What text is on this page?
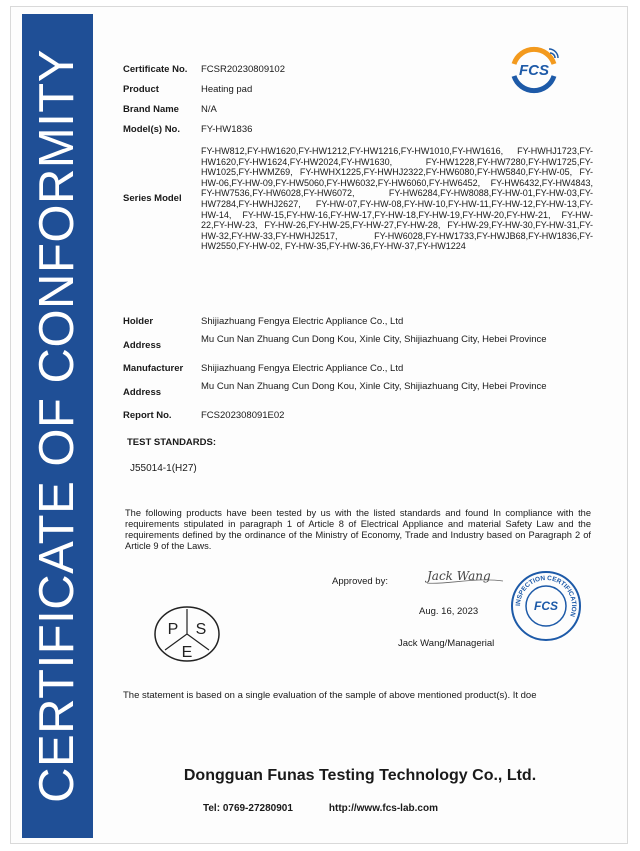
CERTIFICATE OF CONFORMITY	FCS
Certificate No.	FCSR20230809102
Product	Heating pad
Brand Name	N/A
Model(s) No.	FY-HW1836
Series Model
FY-HW812,FY-HW1620,FY-HW1212,FY-HW1216,FY-HW1010,FY-HW1616, FY-HWHJ1723,FY-HW1620,FY-HW1624,FY-HW2024,FY-HW1630, FY-HW1228,FY-HW7280,FY-HW1725,FY-HW1025,FY-HWMZ69, FY-HWHX1225,FY-HWHJ2322,FY-HW6080,FY-HW5840,FY-HW-05, FY-HW-06,FY-HW-09,FY-HW5060,FY-HW6032,FY-HW6060,FY-HW6452, FY-HW6432,FY-HW4843, FY-HW7536,FY-HW6028,FY-HW6072, FY-HW6284,FY-HW8088,FY-HW-01,FY-HW-03,FY-HW7284,FY-HWHJ2627, FY-HW-07,FY-HW-08,FY-HW-10,FY-HW-11,FY-HW-12,FY-HW-13,FY-HW-14, FY-HW-15,FY-HW-16,FY-HW-17,FY-HW-18,FY-HW-19,FY-HW-20,FY-HW-21, FY-HW-22,FY-HW-23, FY-HW-26,FY-HW-25,FY-HW-27,FY-HW-28, FY-HW-29,FY-HW-30,FY-HW-31,FY-HW-32,FY-HW-33,FY-HWHJ2517, FY-HW6028,FY-HW1733,FY-HWJB68,FY-HW1836,FY-HW2550,FY-HW-02, FY-HW-35,FY-HW-36,FY-HW-37,FY-HW1224
Holder	Shijiazhuang Fengya Electric Appliance Co., Ltd
Address
Mu Cun Nan Zhuang Cun Dong Kou, Xinle City, Shijiazhuang City, Hebei Province
Manufacturer	Shijiazhuang Fengya Electric Appliance Co., Ltd
Address
Mu Cun Nan Zhuang Cun Dong Kou, Xinle City, Shijiazhuang City, Hebei Province
Report No.	FCS202308091E02
TEST STANDARDS:
J55014-1(H27)
The following products have been tested by us with the listed standards and found In compliance with the requirements stipulated in paragraph 1 of Article 8 of Electrical Appliance and material Safety Law and the requirements defined by the ordinance of the Ministry of Economy, Trade and Industry based on Paragraph 2 of Article 9 of the Laws.
Approved by:	Jack Wang
Aug. 16, 2023
Jack Wang/Managerial
INSPECTION CERTIFICATION
FCS
P S
E
The statement is based on a single evaluation of the sample of above mentioned product(s). It doe
Dongguan Funas Testing Technology Co., Ltd.
Tel: 0769-27280901	http://www.fcs-lab.com
